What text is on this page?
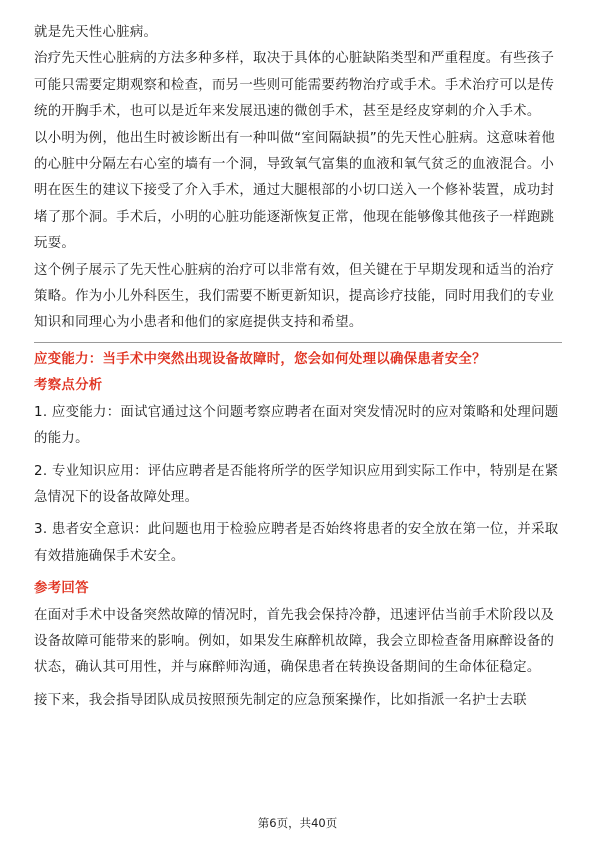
就是先天性心脏病。

治疗先天性心脏病的方法多种多样，取决于具体的心脏缺陷类型和严重程度。有些孩子可能只需要定期观察和检查，而另一些则可能需要药物治疗或手术。手术治疗可以是传统的开胸手术，也可以是近年来发展迅速的微创手术，甚至是经皮穿刺的介入手术。

以小明为例，他出生时被诊断出有一种叫做“室间隔缺损”的先天性心脏病。这意味着他的心脏中分隔左右心室的墙有一个洞，导致氧气富集的血液和氧气贫乏的血液混合。小明在医生的建议下接受了介入手术，通过大腿根部的小切口送入一个修补装置，成功封堵了那个洞。手术后，小明的心脏功能逐渐恢复正常，他现在能够像其他孩子一样跑跳玩耍。

这个例子展示了先天性心脏病的治疗可以非常有效，但关键在于早期发现和适当的治疗策略。作为小儿外科医生，我们需要不断更新知识，提高诊疗技能，同时用我们的专业知识和同理心为小患者和他们的家庭提供支持和希望。

应变能力：当手术中突然出现设备故障时，您会如何处理以确保患者安全？

考察点分析

1. 应变能力：面试官通过这个问题考察应聘者在面对突发情况时的应对策略和处理问题的能力。

2. 专业知识应用：评估应聘者是否能将所学的医学知识应用到实际工作中，特别是在紧急情况下的设备故障处理。

3. 患者安全意识：此问题也用于检验应聘者是否始终将患者的安全放在第一位，并采取有效措施确保手术安全。

参考回答

在面对手术中设备突然故障的情况时，首先我会保持冷静，迅速评估当前手术阶段以及设备故障可能带来的影响。例如，如果发生麻醉机故障，我会立即检查备用麻醉设备的状态，确认其可用性，并与麻醉师沟通，确保患者在转换设备期间的生命体征稳定。

接下来，我会指导团队成员按照预先制定的应急预案操作，比如指派一名护士去联

第6页，共40页
